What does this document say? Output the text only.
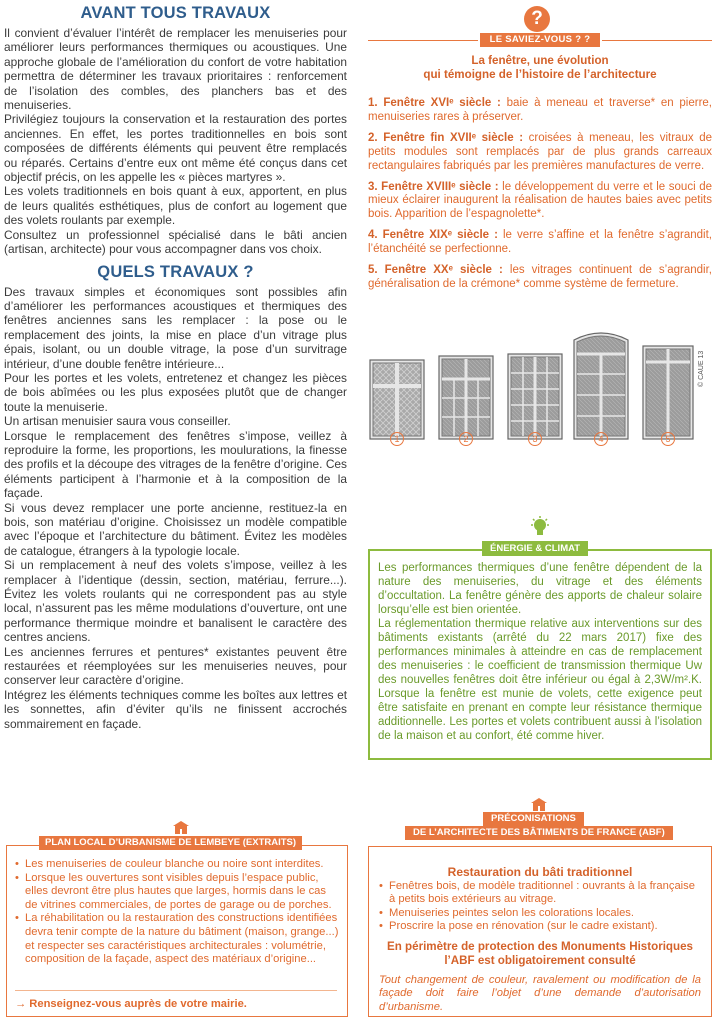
AVANT TOUS TRAVAUX

Il convient d’évaluer l’intérêt de remplacer les menuiseries pour améliorer leurs performances thermiques ou acoustiques. Une approche globale de l’amélioration du confort de votre habitation permettra de déterminer les travaux prioritaires : renforcement de l’isolation des combles, des planchers bas et des menuiseries.

Privilégiez toujours la conservation et la restauration des portes anciennes. En effet, les portes traditionnelles en bois sont composées de différents éléments qui peuvent être remplacés ou réparés. Certains d’entre eux ont même été conçus dans cet objectif précis, on les appelle les « pièces martyres ».

Les volets traditionnels en bois quant à eux, apportent, en plus de leurs qualités esthétiques, plus de confort au logement que des volets roulants par exemple.

Consultez un professionnel spécialisé dans le bâti ancien (artisan, architecte) pour vous accompagner dans vos choix.

QUELS TRAVAUX ?

Des travaux simples et économiques sont possibles afin d’améliorer les performances acoustiques et thermiques des fenêtres anciennes sans les remplacer : la pose ou le remplacement des joints, la mise en place d’un vitrage plus épais, isolant, ou un double vitrage, la pose d’un survitrage intérieur, d’une double fenêtre intérieure...

Pour les portes et les volets, entretenez et changez les pièces de bois abîmées ou les plus exposées plutôt que de changer toute la menuiserie.

Un artisan menuisier saura vous conseiller.

Lorsque le remplacement des fenêtres s’impose, veillez à reproduire la forme, les proportions, les moulurations, la finesse des profils et la découpe des vitrages de la fenêtre d’origine. Ces éléments participent à l’harmonie et à la composition de la façade.

Si vous devez remplacer une porte ancienne, restituez-la en bois, son matériau d’origine. Choisissez un modèle compatible avec l’époque et l’architecture du bâtiment. Évitez les modèles de catalogue, étrangers à la typologie locale.

Si un remplacement à neuf des volets s’impose, veillez à les remplacer à l’identique (dessin, section, matériau, ferrure...). Évitez les volets roulants qui ne correspondent pas au style local, n’assurent pas les même modulations d’ouverture, ont une performance thermique moindre et banalisent le caractère des centres anciens.

Les anciennes ferrures et pentures* existantes peuvent être restaurées et réemployées sur les menuiseries neuves, pour conserver leur caractère d’origine.

Intégrez les éléments techniques comme les boîtes aux lettres et les sonnettes, afin d’éviter qu’ils ne finissent accrochés sommairement en façade.

?
LE SAVIEZ-VOUS ? ?
La fenêtre, une évolution
qui témoigne de l’histoire de l’architecture

1. Fenêtre XVIᵉ siècle : baie à meneau et traverse* en pierre, menuiseries rares à préserver.

2. Fenêtre fin XVIIᵉ siècle : croisées à meneau, les vitraux de petits modules sont remplacés par de plus grands carreaux rectangulaires fabriqués par les premières manufactures de verre.

3. Fenêtre XVIIIᵉ siècle : le développement du verre et le souci de mieux éclairer inaugurent la réalisation de hautes baies avec petits bois. Apparition de l’espagnolette*.

4. Fenêtre XIXᵉ siècle : le verre s’affine et la fenêtre s’agrandit, l’étanchéité se perfectionne.

5. Fenêtre XXᵉ siècle : les vitrages continuent de s’agrandir, généralisation de la crémone* comme système de fermeture.

© CAUE 13
1	2	3	4	5

Les performances thermiques d’une fenêtre dépendent de la nature des menuiseries, du vitrage et des éléments d’occultation. La fenêtre génère des apports de chaleur solaire lorsqu’elle est bien orientée.

La réglementation thermique relative aux interventions sur des bâtiments existants (arrêté du 22 mars 2017) fixe des performances minimales à atteindre en cas de remplacement des menuiseries : le coefficient de transmission thermique Uw des nouvelles fenêtres doit être inférieur ou égal à 2,3W/m².K. Lorsque la fenêtre est munie de volets, cette exigence peut être satisfaite en prenant en compte leur résistance thermique additionnelle. Les portes et volets contribuent aussi à l’isolation de la maison et au confort, été comme hiver.

ÉNERGIE & CLIMAT
• Les menuiseries de couleur blanche ou noire sont interdites.
• Lorsque les ouvertures sont visibles depuis l’espace public, elles devront être plus hautes que larges, hormis dans le cas de vitrines commerciales, de portes de garage ou de porches.
• La réhabilitation ou la restauration des constructions identifiées devra tenir compte de la nature du bâtiment (maison, grange...) et respecter ses caractéristiques architecturales : volumétrie, composition de la façade, aspect des matériaux d’origine...
→ Renseignez-vous auprès de votre mairie.
PLAN LOCAL D’URBANISME DE LEMBEYE (EXTRAITS)
Restauration du bâti traditionnel
• Fenêtres bois, de modèle traditionnel : ouvrants à la française à petits bois extérieurs au vitrage.
• Menuiseries peintes selon les colorations locales.
• Proscrire la pose en rénovation (sur le cadre existant).
En périmètre de protection des Monuments Historiques
l’ABF est obligatoirement consulté

Tout changement de couleur, ravalement ou modification de la façade doit faire l’objet d’une demande d’autorisation d’urbanisme.

PRÉCONISATIONS
DE L’ARCHITECTE DES BÂTIMENTS DE FRANCE (ABF)
